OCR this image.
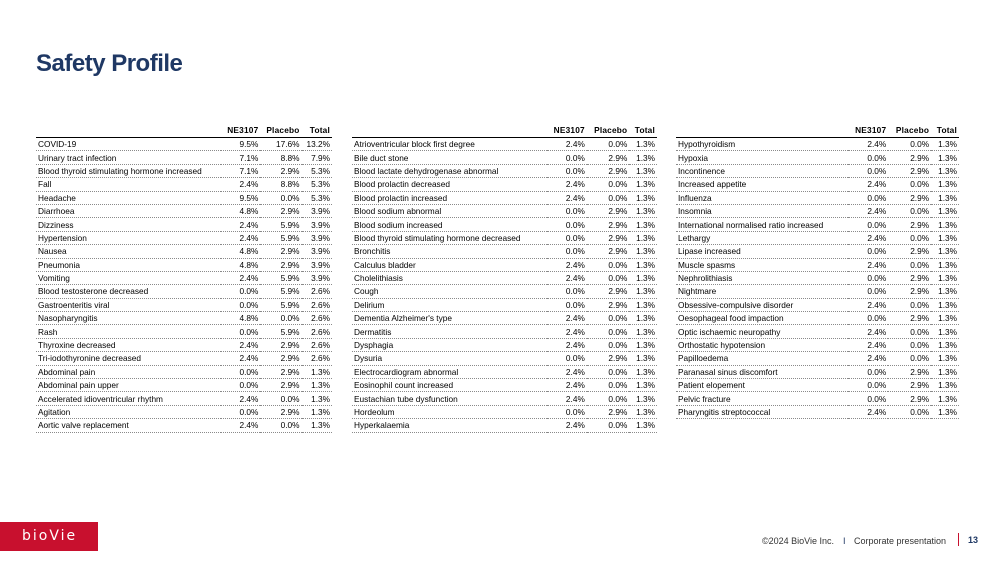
Safety Profile
	NE3107	Placebo	Total
COVID-19	9.5%	17.6%	13.2%
Urinary tract infection	7.1%	8.8%	7.9%
Blood thyroid stimulating hormone increased	7.1%	2.9%	5.3%
Fall	2.4%	8.8%	5.3%
Headache	9.5%	0.0%	5.3%
Diarrhoea	4.8%	2.9%	3.9%
Dizziness	2.4%	5.9%	3.9%
Hypertension	2.4%	5.9%	3.9%
Nausea	4.8%	2.9%	3.9%
Pneumonia	4.8%	2.9%	3.9%
Vomiting	2.4%	5.9%	3.9%
Blood testosterone decreased	0.0%	5.9%	2.6%
Gastroenteritis viral	0.0%	5.9%	2.6%
Nasopharyngitis	4.8%	0.0%	2.6%
Rash	0.0%	5.9%	2.6%
Thyroxine decreased	2.4%	2.9%	2.6%
Tri-iodothyronine decreased	2.4%	2.9%	2.6%
Abdominal pain	0.0%	2.9%	1.3%
Abdominal pain upper	0.0%	2.9%	1.3%
Accelerated idioventricular rhythm	2.4%	0.0%	1.3%
Agitation	0.0%	2.9%	1.3%
Aortic valve replacement	2.4%	0.0%	1.3%
	NE3107	Placebo	Total
Atrioventricular block first degree	2.4%	0.0%	1.3%
Bile duct stone	0.0%	2.9%	1.3%
Blood lactate dehydrogenase abnormal	0.0%	2.9%	1.3%
Blood prolactin decreased	2.4%	0.0%	1.3%
Blood prolactin increased	2.4%	0.0%	1.3%
Blood sodium abnormal	0.0%	2.9%	1.3%
Blood sodium increased	0.0%	2.9%	1.3%
Blood thyroid stimulating hormone decreased	0.0%	2.9%	1.3%
Bronchitis	0.0%	2.9%	1.3%
Calculus bladder	2.4%	0.0%	1.3%
Cholelithiasis	2.4%	0.0%	1.3%
Cough	0.0%	2.9%	1.3%
Delirium	0.0%	2.9%	1.3%
Dementia Alzheimer's type	2.4%	0.0%	1.3%
Dermatitis	2.4%	0.0%	1.3%
Dysphagia	2.4%	0.0%	1.3%
Dysuria	0.0%	2.9%	1.3%
Electrocardiogram abnormal	2.4%	0.0%	1.3%
Eosinophil count increased	2.4%	0.0%	1.3%
Eustachian tube dysfunction	2.4%	0.0%	1.3%
Hordeolum	0.0%	2.9%	1.3%
Hyperkalaemia	2.4%	0.0%	1.3%
	NE3107	Placebo	Total
Hypothyroidism	2.4%	0.0%	1.3%
Hypoxia	0.0%	2.9%	1.3%
Incontinence	0.0%	2.9%	1.3%
Increased appetite	2.4%	0.0%	1.3%
Influenza	0.0%	2.9%	1.3%
Insomnia	2.4%	0.0%	1.3%
International normalised ratio increased	0.0%	2.9%	1.3%
Lethargy	2.4%	0.0%	1.3%
Lipase increased	0.0%	2.9%	1.3%
Muscle spasms	2.4%	0.0%	1.3%
Nephrolithiasis	0.0%	2.9%	1.3%
Nightmare	0.0%	2.9%	1.3%
Obsessive-compulsive disorder	2.4%	0.0%	1.3%
Oesophageal food impaction	0.0%	2.9%	1.3%
Optic ischaemic neuropathy	2.4%	0.0%	1.3%
Orthostatic hypotension	2.4%	0.0%	1.3%
Papilloedema	2.4%	0.0%	1.3%
Paranasal sinus discomfort	0.0%	2.9%	1.3%
Patient elopement	0.0%	2.9%	1.3%
Pelvic fracture	0.0%	2.9%	1.3%
Pharyngitis streptococcal	2.4%	0.0%	1.3%
bioVie	©2024 BioVie Inc. I Corporate presentation 13
